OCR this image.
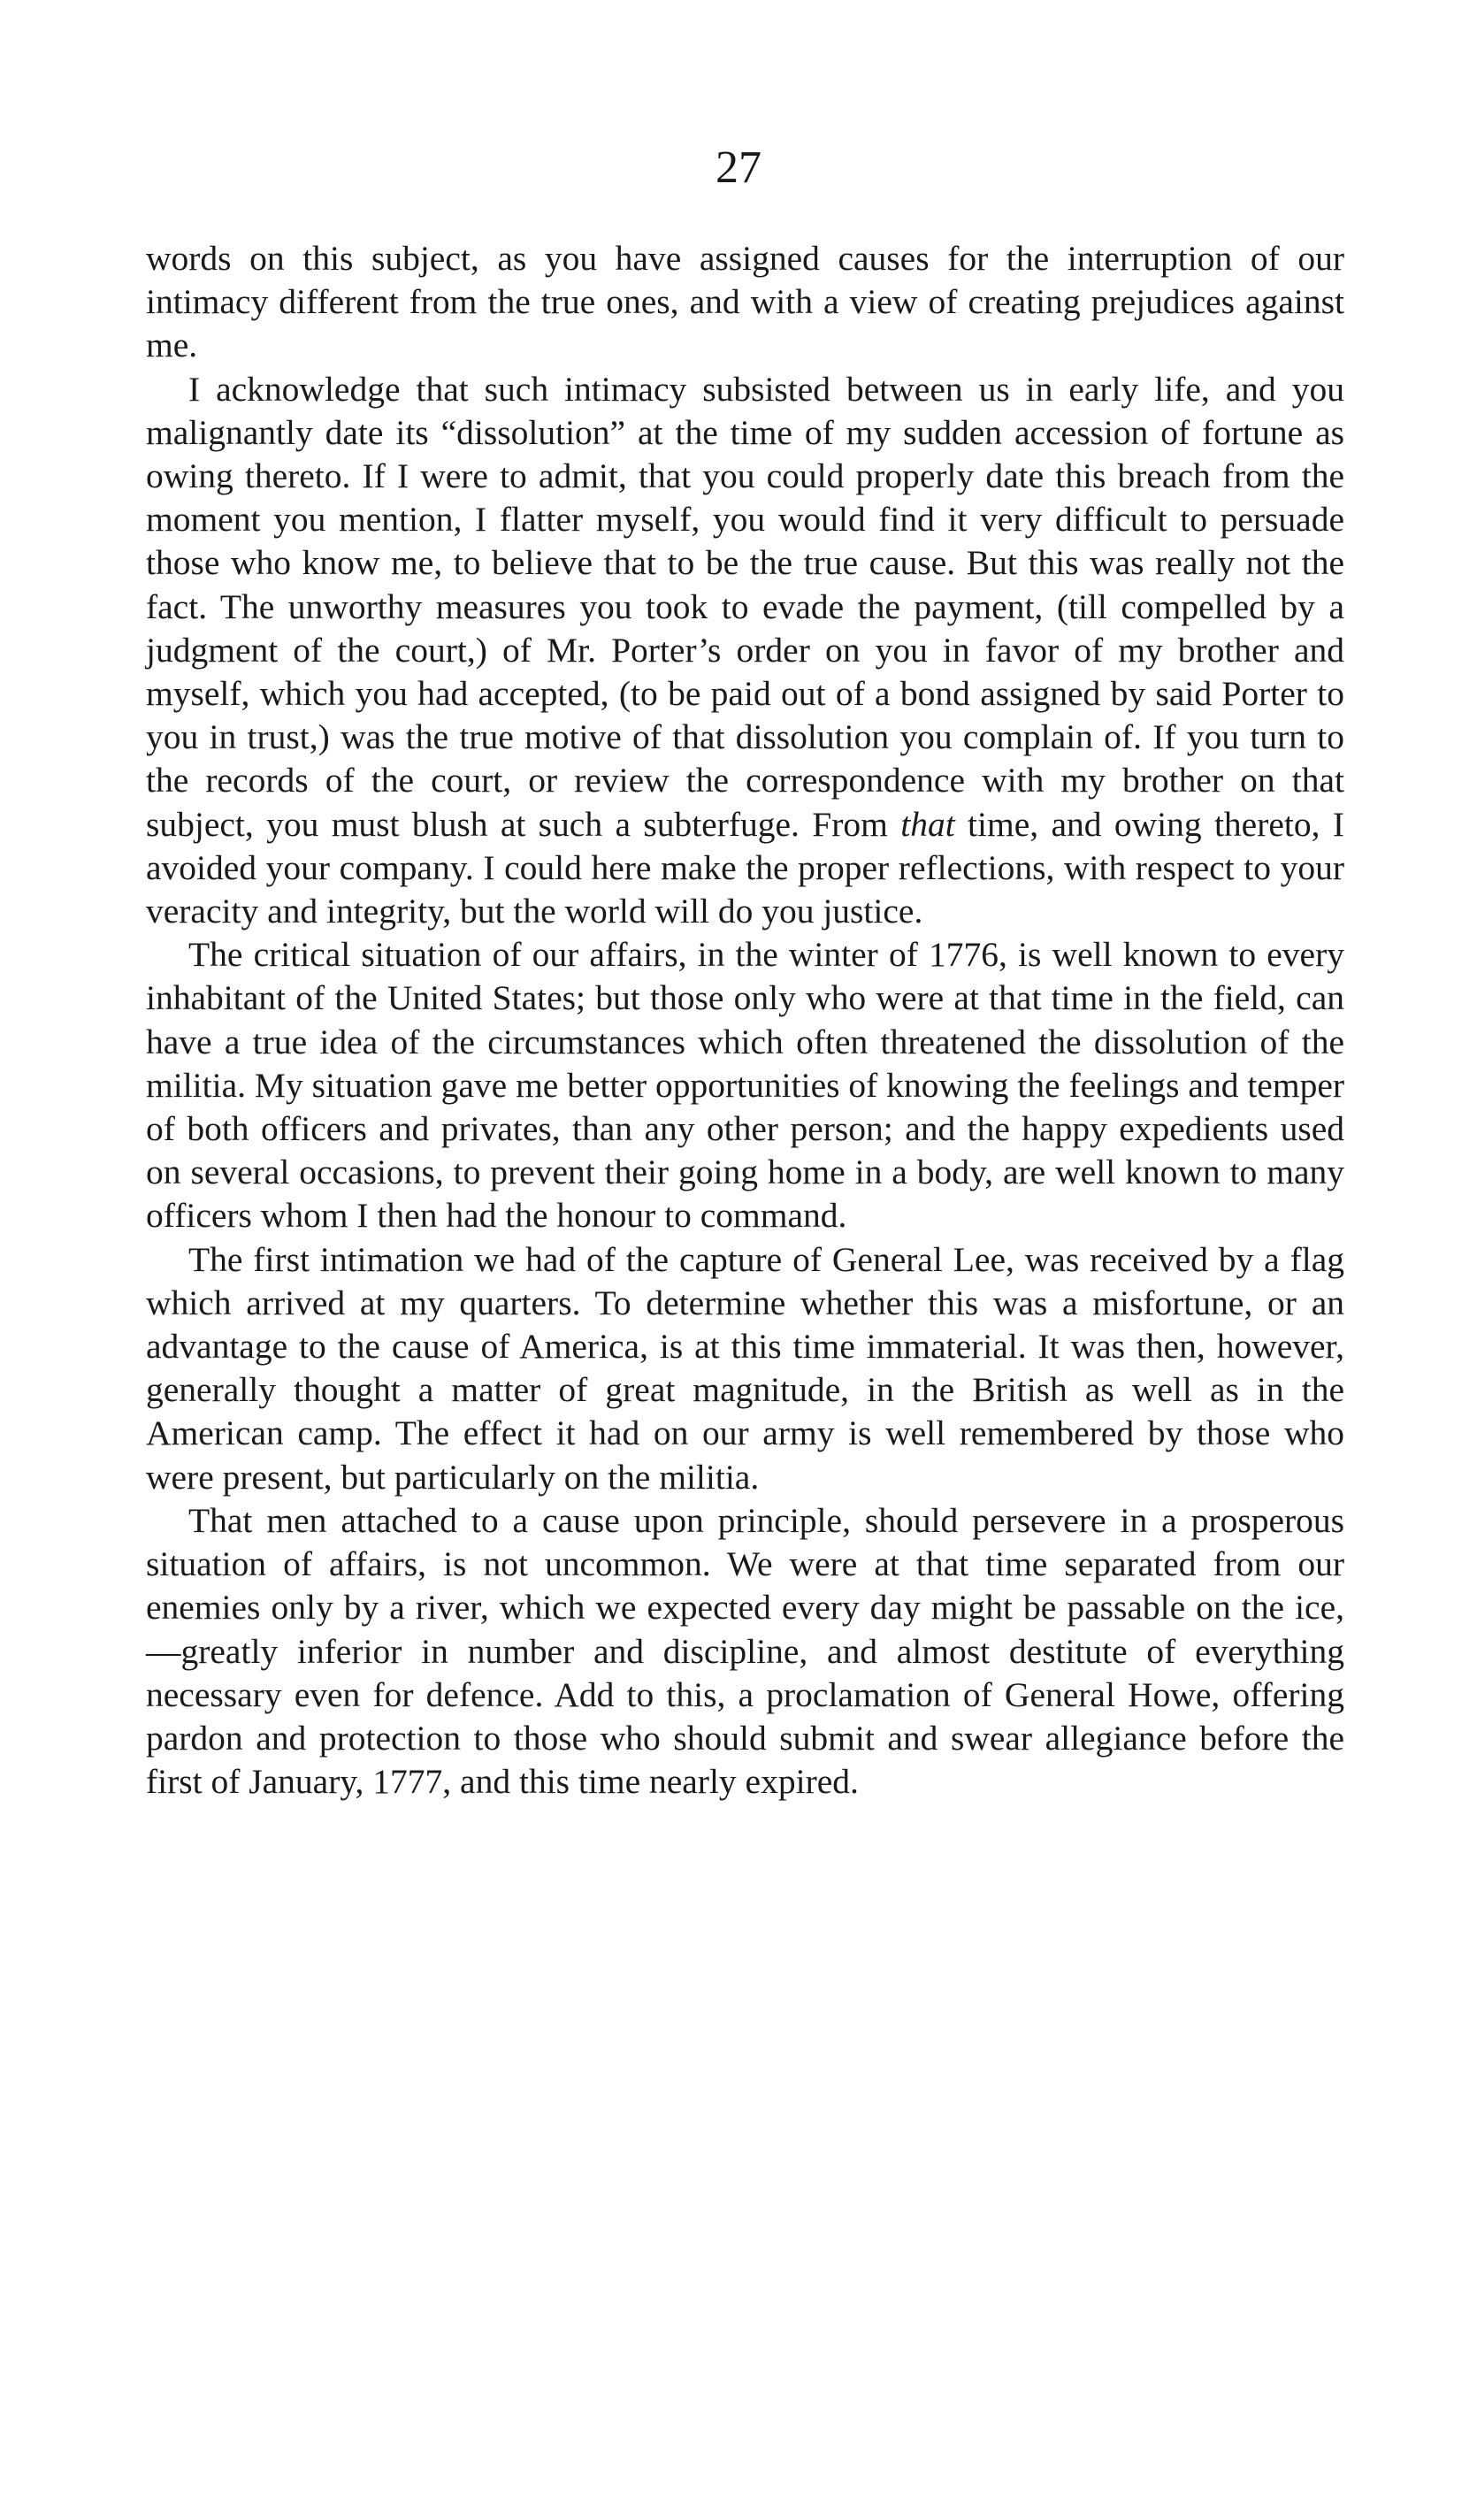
27

words on this subject, as you have assigned causes for the interruption of our intimacy different from the true ones, and with a view of creating prejudices against me.

I acknowledge that such intimacy subsisted between us in early life, and you malignantly date its “dissolution” at the time of my sudden accession of fortune as owing thereto. If I were to admit, that you could properly date this breach from the moment you mention, I flatter myself, you would find it very difficult to persuade those who know me, to believe that to be the true cause. But this was really not the fact. The unworthy measures you took to evade the payment, (till compelled by a judgment of the court,) of Mr. Porter’s order on you in favor of my brother and myself, which you had accepted, (to be paid out of a bond assigned by said Porter to you in trust,) was the true motive of that dissolution you complain of. If you turn to the records of the court, or review the correspondence with my brother on that subject, you must blush at such a subterfuge. From that time, and owing thereto, I avoided your company. I could here make the proper reflections, with respect to your veracity and integrity, but the world will do you justice.

The critical situation of our affairs, in the winter of 1776, is well known to every inhabitant of the United States; but those only who were at that time in the field, can have a true idea of the circumstances which often threatened the dissolution of the militia. My situation gave me better opportunities of knowing the feelings and temper of both officers and privates, than any other person; and the happy expedients used on several occasions, to prevent their going home in a body, are well known to many officers whom I then had the honour to command.

The first intimation we had of the capture of General Lee, was received by a flag which arrived at my quarters. To determine whether this was a misfortune, or an advantage to the cause of America, is at this time immaterial. It was then, however, generally thought a matter of great magnitude, in the British as well as in the American camp. The effect it had on our army is well remembered by those who were present, but particularly on the militia.

That men attached to a cause upon principle, should persevere in a prosperous situation of affairs, is not uncommon. We were at that time separated from our enemies only by a river, which we expected every day might be passable on the ice,—greatly inferior in number and discipline, and almost destitute of everything necessary even for defence. Add to this, a proclamation of General Howe, offering pardon and protection to those who should submit and swear allegiance before the first of January, 1777, and this time nearly expired.
